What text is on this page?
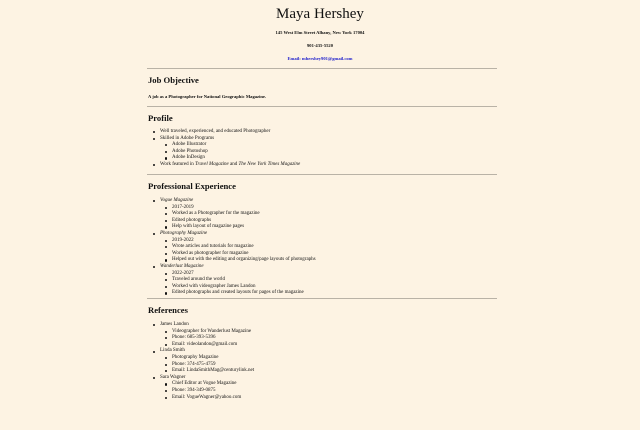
Maya Hershey
145 West Elm Street Albany, New York 17004
901-435-5520
Email: mhershey901@gmail.com
Job Objective
A job as a Photographer for National Geographic Magazine.
Profile
Well traveled, experienced, and educated Photographer
Skilled in Adobe Programs
Adobe Illustrator
Adobe Photoshop
Adobe InDesign
Work featured in Travel Magazine and The New York Times Magazine
Professional Experience
Vogue Magazine
2017-2019
Worked as a Photographer for the magazine
Edited photographs
Help with layout of magazine pages
Photography Magazine
2019-2022
Wrote articles and tutorials for magazine
Worked as photographer for magazine
Helped out with the editing and organizing/page layouts of photographs
Wanderlust Magazine
2022-2027
Traveled around the world
Worked with videographer James Landon
Edited photographs and created layouts for pages of the magazine
References
James Landon
Videographer for Wanderlust Magazine
Phone: 685-393-5396
Email: videolandon@gmail.com
Linda Smith
Photography Magazine
Phone: 374-475-4759
Email: LindaSmithMag@centurylink.net
Sara Wagner
Chief Editor at Vogue Magazine
Phone: 394-349-0875
Email: VogueWagner@yahoo.com
